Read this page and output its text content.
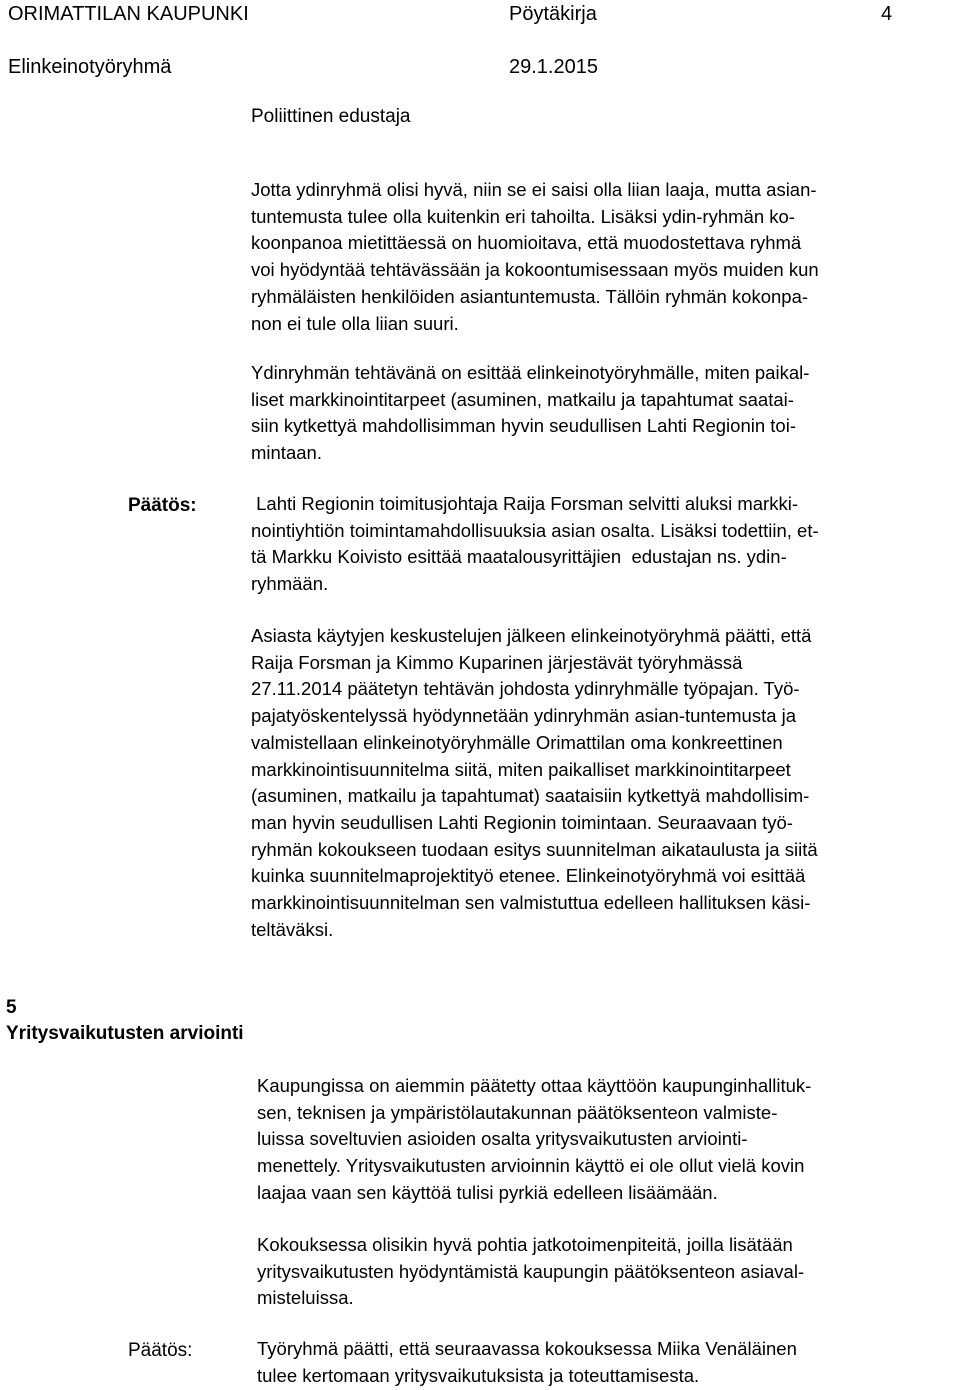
ORIMATTILAN KAUPUNKI	Pöytäkirja	4
Elinkeinotyöryhmä	29.1.2015
Poliittinen edustaja
Jotta ydinryhmä olisi hyvä, niin se ei saisi olla liian laaja, mutta asian-
tuntemusta tulee olla kuitenkin eri tahoilta. Lisäksi ydin-ryhmän ko-
koonpanoa mietittäessä on huomioitava, että muodostettava ryhmä
voi hyödyntää tehtävässään ja kokoontumisessaan myös muiden kun
ryhmäläisten henkilöiden asiantuntemusta. Tällöin ryhmän kokonpa-
non ei tule olla liian suuri.
Ydinryhmän tehtävänä on esittää elinkeinotyöryhmälle, miten paikal-
liset markkinointitarpeet (asuminen, matkailu ja tapahtumat saatai-
siin kytkettyä mahdollisimman hyvin seudullisen Lahti Regionin toi-
mintaan.
Päätös:	Lahti Regionin toimitusjohtaja Raija Forsman selvitti aluksi markki-
nointiyhtiön toimintamahdollisuuksia asian osalta. Lisäksi todettiin, et-
tä Markku Koivisto esittää maatalousyrittäjien  edustajan ns. ydin-
ryhmään.
Asiasta käytyjen keskustelujen jälkeen elinkeinotyöryhmä päätti, että
Raija Forsman ja Kimmo Kuparinen järjestävät työryhmässä
27.11.2014 päätetyn tehtävän johdosta ydinryhmälle työpajan. Työ-
pajatyöskentelyssä hyödynnetään ydinryhmän asian-tuntemusta ja
valmistellaan elinkeinotyöryhmälle Orimattilan oma konkreettinen
markkinointisuunnitelma siitä, miten paikalliset markkinointitarpeet
(asuminen, matkailu ja tapahtumat) saataisiin kytkettyä mahdollisim-
man hyvin seudullisen Lahti Regionin toimintaan. Seuraavaan työ-
ryhmän kokoukseen tuodaan esitys suunnitelman aikataulusta ja siitä
kuinka suunnitelmaprojektityö etenee. Elinkeinotyöryhmä voi esittää
markkinointisuunnitelman sen valmistuttua edelleen hallituksen käsi-
teltäväksi.
5
Yritysvaikutusten arviointi
Kaupungissa on aiemmin päätetty ottaa käyttöön kaupunginhallituk-
sen, teknisen ja ympäristölautakunnan päätöksenteon valmiste-
luissa soveltuvien asioiden osalta yritysvaikutusten arviointi-
menettely. Yritysvaikutusten arvioinnin käyttö ei ole ollut vielä kovin
laajaa vaan sen käyttöä tulisi pyrkiä edelleen lisäämään.
Kokouksessa olisikin hyvä pohtia jatkotoimenpiteitä, joilla lisätään
yritysvaikutusten hyödyntämistä kaupungin päätöksenteon asiaval-
misteluissa.
Päätös:	Työryhmä päätti, että seuraavassa kokouksessa Miika Venäläinen
tulee kertomaan yritysvaikutuksista ja toteuttamisesta.
